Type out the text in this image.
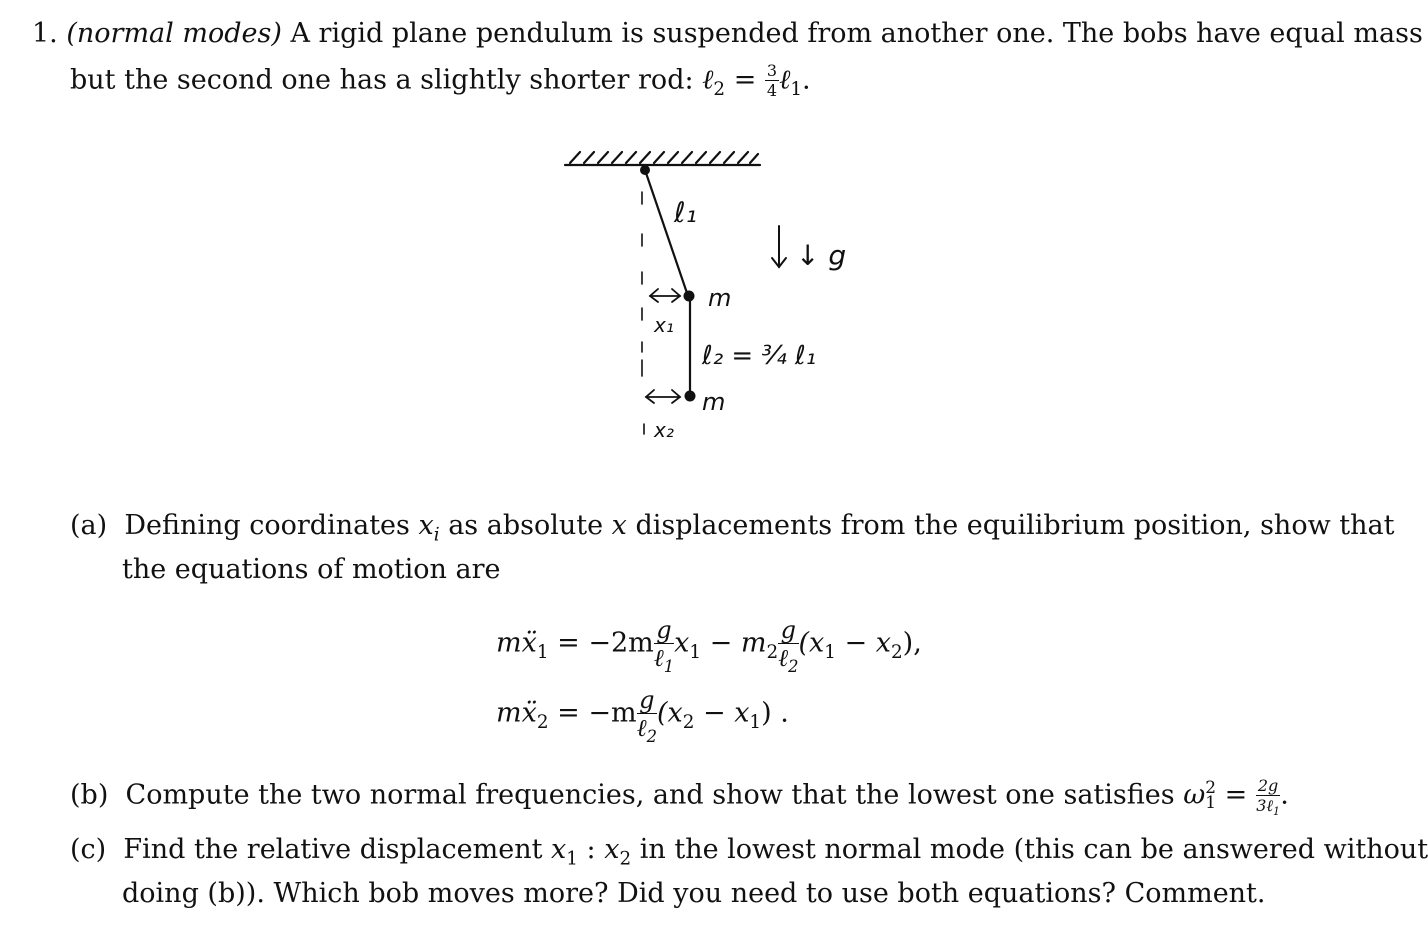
1. (normal modes) A rigid plane pendulum is suspended from another one. The bobs have equal mass
but the second one has a slightly shorter rod: ℓ$_2$ = $\frac{3}{4}$ ℓ$_1$.
ℓ₁
↓ g
m
x₁
ℓ₂ = ¾ ℓ₁
m
x₂
(a) Defining coordinates $x_i$ as absolute x displacements from the equilibrium position, show that
the equations of motion are
mẍ$_1$ = $-2m \frac{g}{\ell_1} x_1 - m_2 \frac{g}{\ell_2} (x_1 - x_2)$,
mẍ$_2$ = $-m \frac{g}{\ell_2} (x_2 - x_1)$ .
(b) Compute the two normal frequencies, and show that the lowest one satisfies ω 2
$1 = \frac{2g}{3\ell_1}$ .
(c) Find the relative displacement $x_1$ : $x_2$ in the lowest normal mode (this can be answered without
doing (b)). Which bob moves more? Did you need to use both equations? Comment.
